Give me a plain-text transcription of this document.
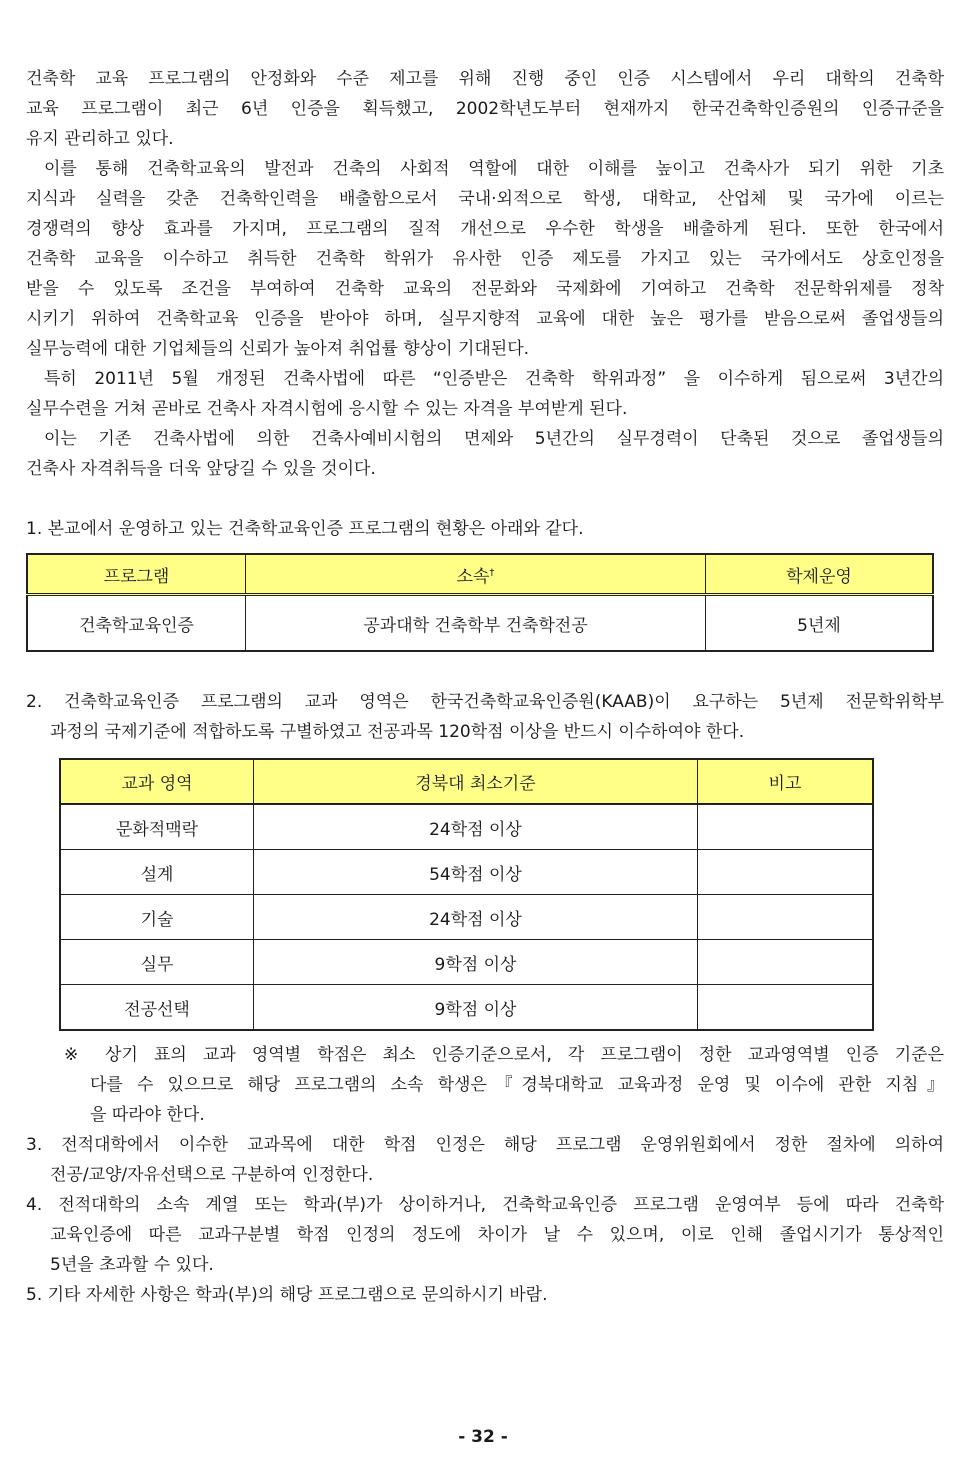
건축학 교육 프로그램의 안정화와 수준 제고를 위해 진행 중인 인증 시스템에서 우리 대학의 건축학
교육 프로그램이 최근 6년 인증을 획득했고, 2002학년도부터 현재까지 한국건축학인증원의 인증규준을
유지 관리하고 있다.
이를 통해 건축학교육의 발전과 건축의 사회적 역할에 대한 이해를 높이고 건축사가 되기 위한 기초
지식과 실력을 갖춘 건축학인력을 배출함으로서 국내·외적으로 학생, 대학교, 산업체 및 국가에 이르는
경쟁력의 향상 효과를 가지며, 프로그램의 질적 개선으로 우수한 학생을 배출하게 된다. 또한 한국에서
건축학 교육을 이수하고 취득한 건축학 학위가 유사한 인증 제도를 가지고 있는 국가에서도 상호인정을
받을 수 있도록 조건을 부여하여 건축학 교육의 전문화와 국제화에 기여하고 건축학 전문학위제를 정착
시키기 위하여 건축학교육 인증을 받아야 하며, 실무지향적 교육에 대한 높은 평가를 받음으로써 졸업생들의
실무능력에 대한 기업체들의 신뢰가 높아져 취업률 향상이 기대된다.
특히 2011년 5월 개정된 건축사법에 따른 “인증받은 건축학 학위과정” 을 이수하게 됨으로써 3년간의
실무수련을 거쳐 곧바로 건축사 자격시험에 응시할 수 있는 자격을 부여받게 된다.
이는 기존 건축사법에 의한 건축사예비시험의 면제와 5년간의 실무경력이 단축된 것으로 졸업생들의
건축사 자격취득을 더욱 앞당길 수 있을 것이다.
1. 본교에서 운영하고 있는 건축학교육인증 프로그램의 현황은 아래와 같다.
프로그램	소속†	학제운영
건축학교육인증	공과대학 건축학부 건축학전공	5년제
2. 건축학교육인증 프로그램의 교과 영역은 한국건축학교육인증원(KAAB)이 요구하는 5년제 전문학위학부
과정의 국제기준에 적합하도록 구별하였고 전공과목 120학점 이상을 반드시 이수하여야 한다.
교과 영역	경북대 최소기준	비고
문화적맥락	24학점 이상	
설계	54학점 이상	
기술	24학점 이상	
실무	9학점 이상	
전공선택	9학점 이상	
※ 상기 표의 교과 영역별 학점은 최소 인증기준으로서, 각 프로그램이 정한 교과영역별 인증 기준은
다를 수 있으므로 해당 프로그램의 소속 학생은『경북대학교 교육과정 운영 및 이수에 관한 지침』
을 따라야 한다.
3. 전적대학에서 이수한 교과목에 대한 학점 인정은 해당 프로그램 운영위원회에서 정한 절차에 의하여
전공/교양/자유선택으로 구분하여 인정한다.
4. 전적대학의 소속 계열 또는 학과(부)가 상이하거나, 건축학교육인증 프로그램 운영여부 등에 따라 건축학
교육인증에 따른 교과구분별 학점 인정의 정도에 차이가 날 수 있으며, 이로 인해 졸업시기가 통상적인
5년을 초과할 수 있다.
5. 기타 자세한 사항은 학과(부)의 해당 프로그램으로 문의하시기 바람.
- 32 -
